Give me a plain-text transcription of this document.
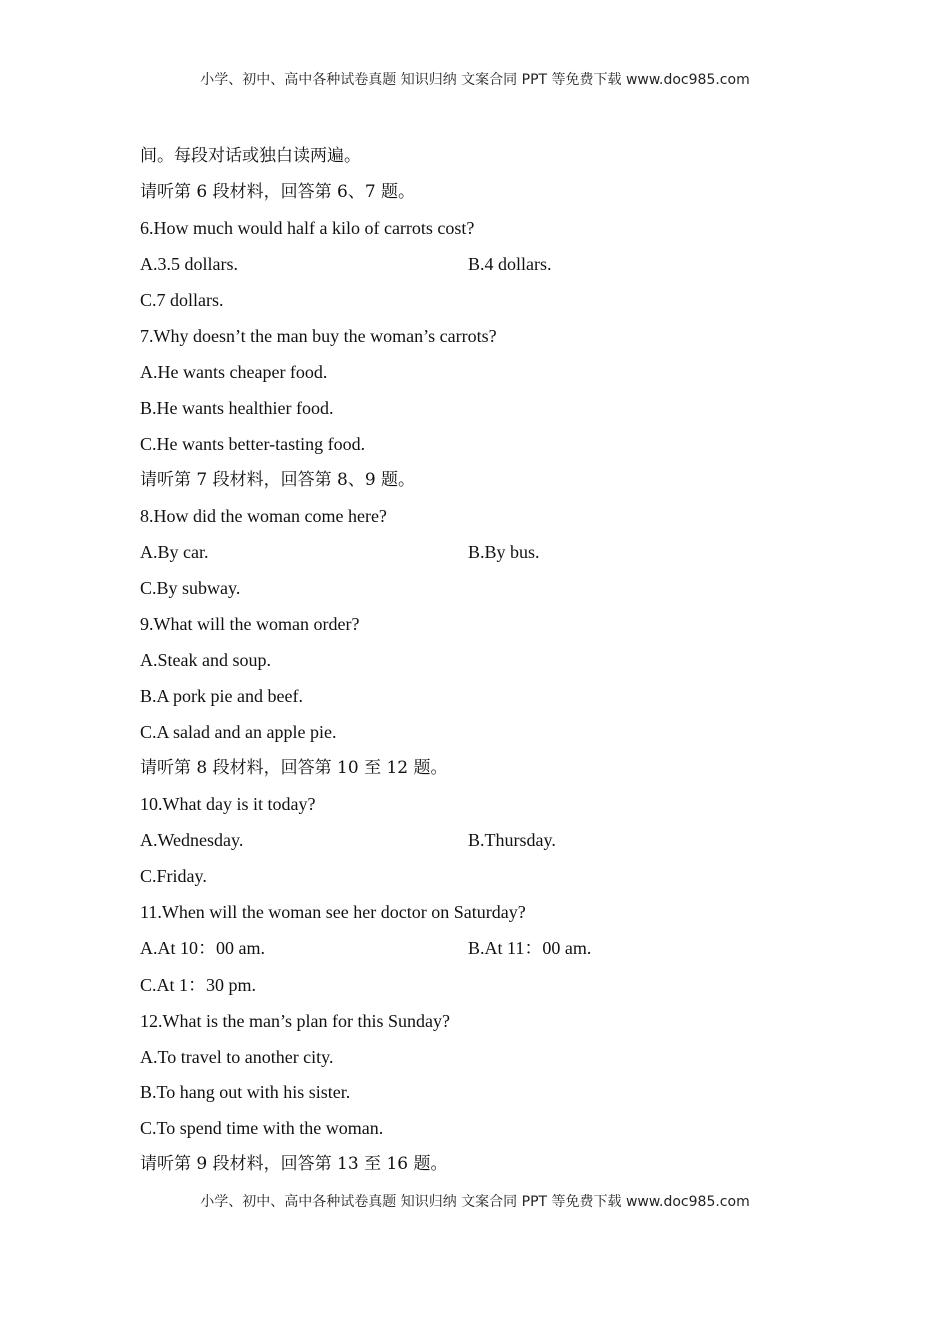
小学、初中、高中各种试卷真题 知识归纳 文案合同 PPT 等免费下载 www.doc985.com
间。每段对话或独白读两遍。
请听第 6 段材料，回答第 6、7 题。
6.How much would half a kilo of carrots cost?
A.3.5 dollars.	B.4 dollars.
C.7 dollars.
7.Why doesn’t the man buy the woman’s carrots?
A.He wants cheaper food.
B.He wants healthier food.
C.He wants better-tasting food.
请听第 7 段材料，回答第 8、9 题。
8.How did the woman come here?
A.By car.	B.By bus.
C.By subway.
9.What will the woman order?
A.Steak and soup.
B.A pork pie and beef.
C.A salad and an apple pie.
请听第 8 段材料，回答第 10 至 12 题。
10.What day is it today?
A.Wednesday.	B.Thursday.
C.Friday.
11.When will the woman see her doctor on Saturday?
A.At 10：00 am.	B.At 11：00 am.
C.At 1：30 pm.
12.What is the man’s plan for this Sunday?
A.To travel to another city.
B.To hang out with his sister.
C.To spend time with the woman.
请听第 9 段材料，回答第 13 至 16 题。
小学、初中、高中各种试卷真题 知识归纳 文案合同 PPT 等免费下载 www.doc985.com
